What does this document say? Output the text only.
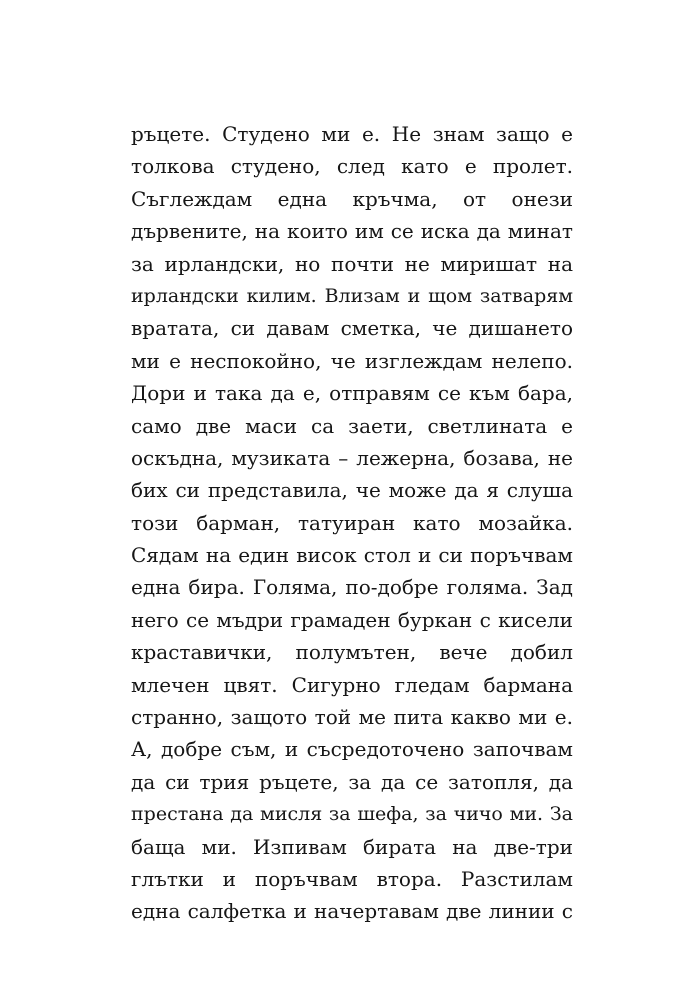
ръцете. Студено ми е. Не знам защо е
толкова студено, след като е пролет.
Съглеждам една кръчма, от онези
дървените, на които им се иска да минат
за ирландски, но почти не миришат на
ирландски килим. Влизам и щом затварям
вратата, си давам сметка, че дишането
ми е неспокойно, че изглеждам нелепо.
Дори и така да е, отправям се към бара,
само две маси са заети, светлината е
оскъдна, музиката – лежерна, бозава, не
бих си представила, че може да я слуша
този барман, татуиран като мозайка.
Сядам на един висок стол и си поръчвам
една бира. Голяма, по-добре голяма. Зад
него се мъдри грамаден буркан с кисели
краставички, полумътен, вече добил
млечен цвят. Сигурно гледам бармана
странно, защото той ме пита какво ми е.
А, добре съм, и съсредоточено започвам
да си трия ръцете, за да се затопля, да
престана да мисля за шефа, за чичо ми. За
баща ми. Изпивам бирата на две-три
глътки и поръчвам втора. Разстилам
една салфетка и начертавам две линии с
